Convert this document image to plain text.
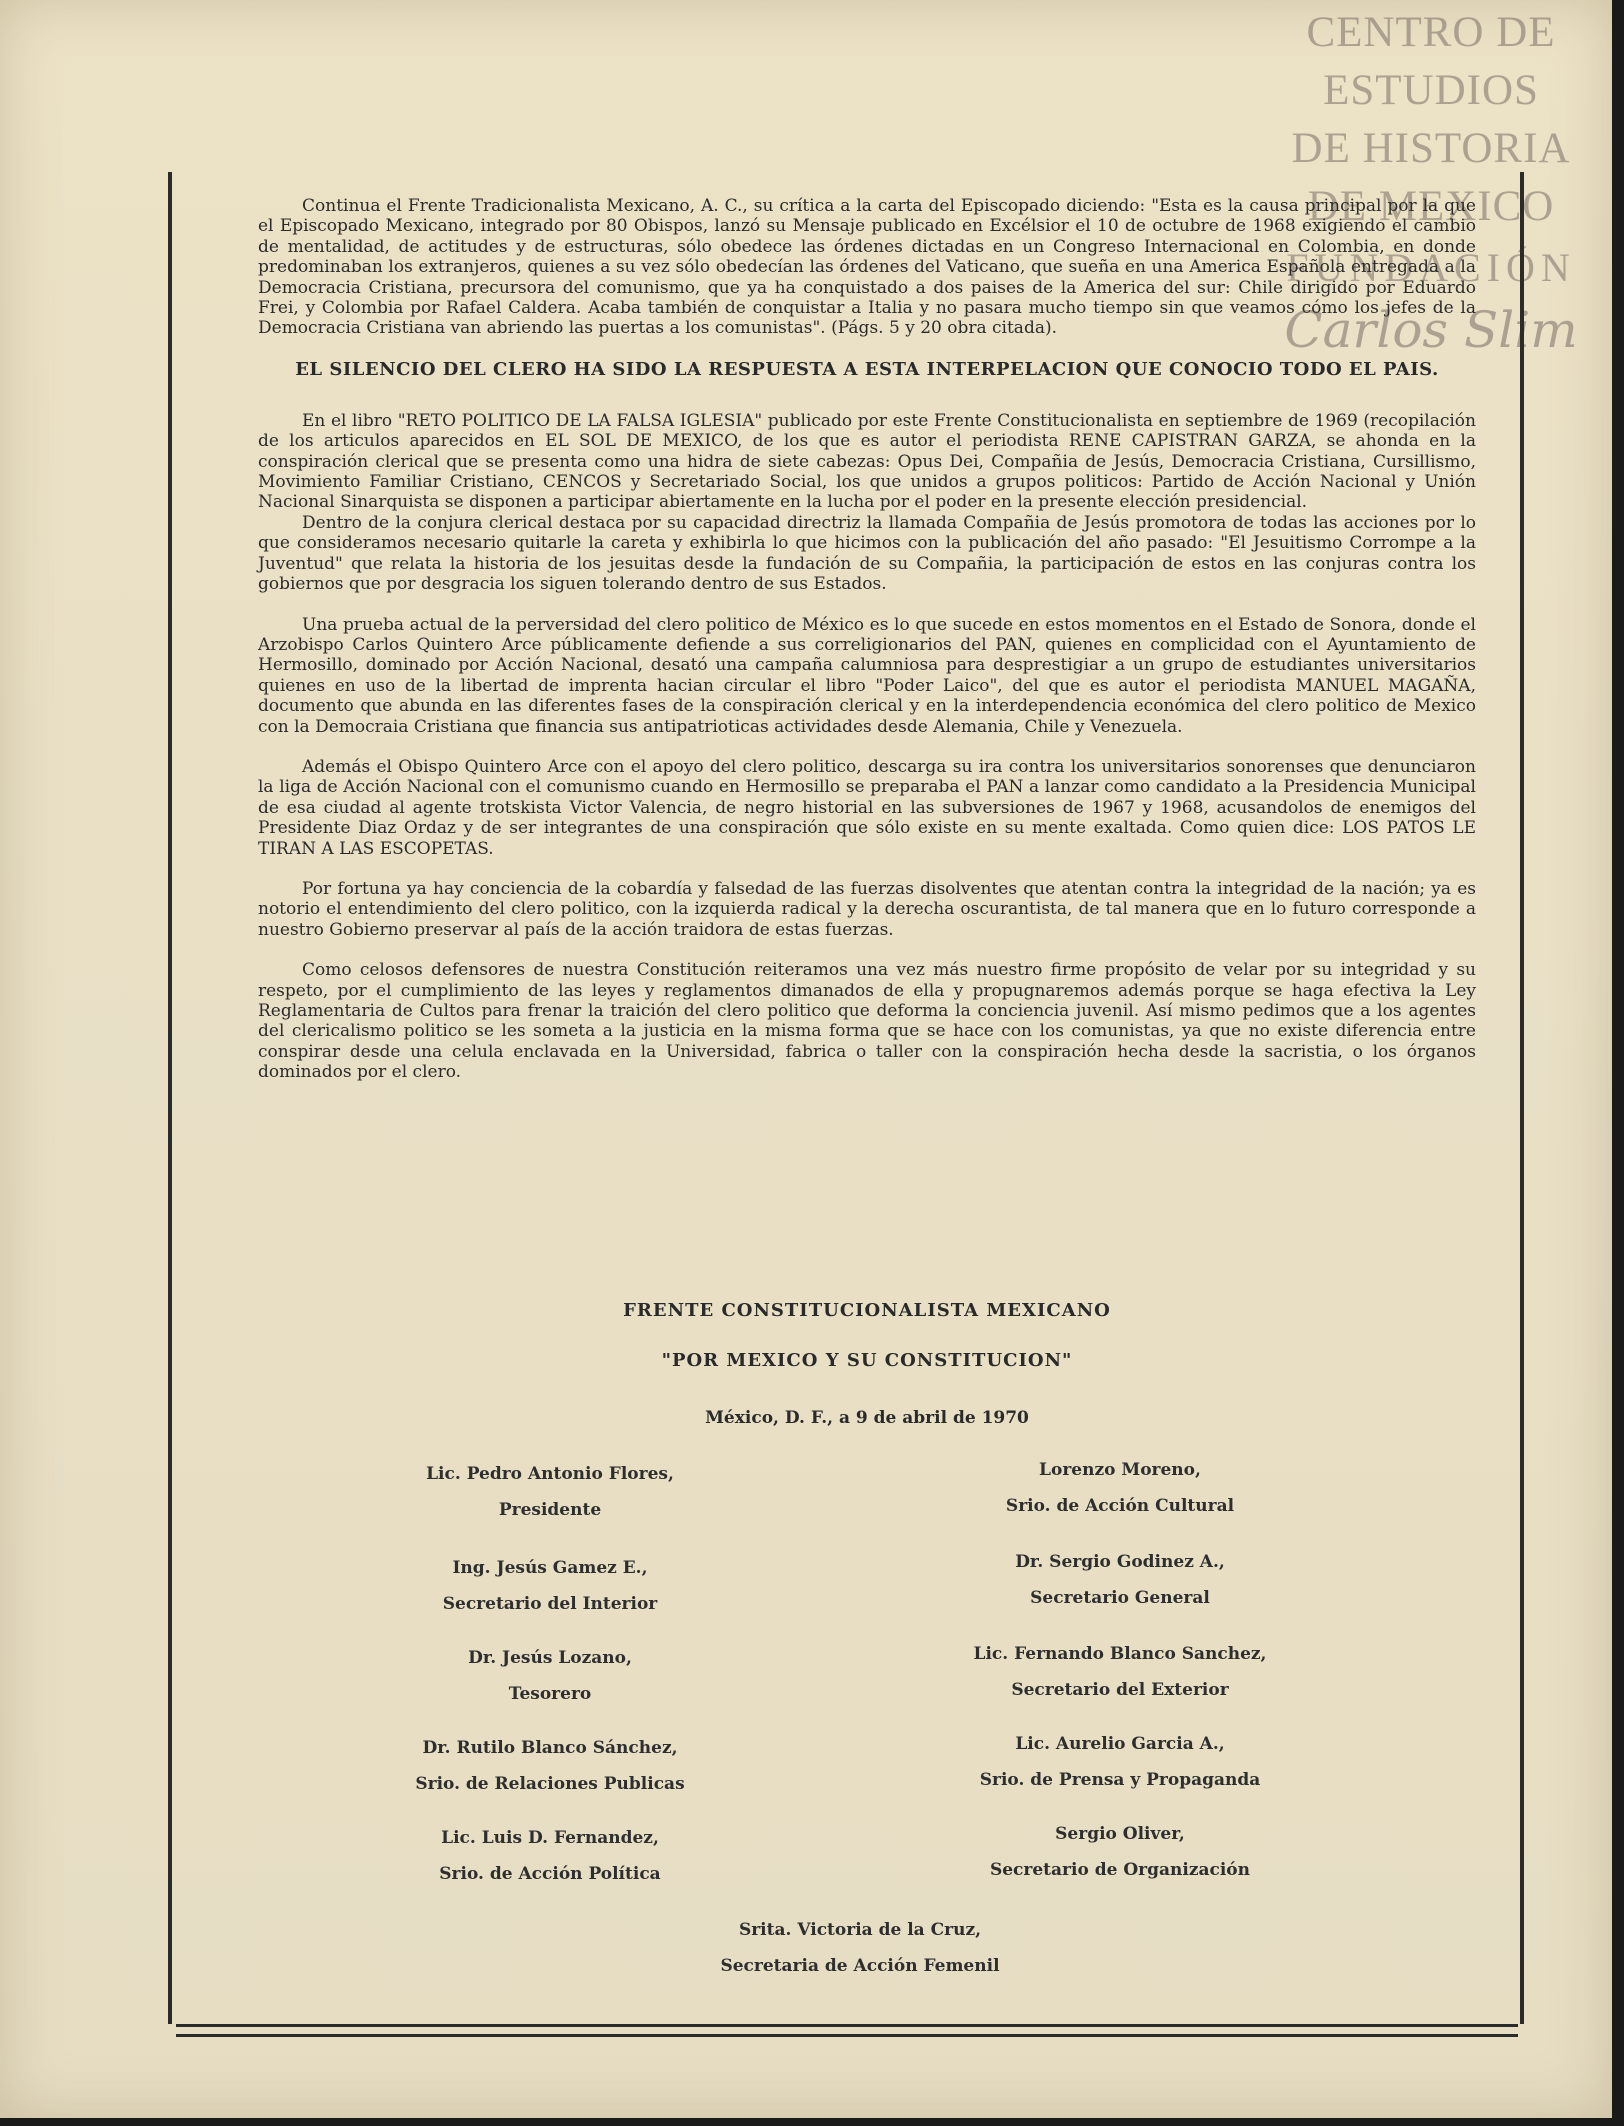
CENTRO DE
ESTUDIOS
DE HISTORIA
DE MEXICO
FUNDACIÓN
Carlos Slim

Continua el Frente Tradicionalista Mexicano, A. C., su crítica a la carta del Episcopado diciendo: "Esta es la causa principal por la que el Episcopado Mexicano, integrado por 80 Obispos, lanzó su Mensaje publicado en Excélsior el 10 de octubre de 1968 exigiendo el cambio de mentalidad, de actitudes y de estructuras, sólo obedece las órdenes dictadas en un Congreso Internacional en Colombia, en donde predominaban los extranjeros, quienes a su vez sólo obedecían las órdenes del Vaticano, que sueña en una America Española entregada a la Democracia Cristiana, precursora del comunismo, que ya ha conquistado a dos paises de la America del sur: Chile dirigido por Eduardo Frei, y Colombia por Rafael Caldera. Acaba también de conquistar a Italia y no pasara mucho tiempo sin que veamos cómo los jefes de la Democracia Cristiana van abriendo las puertas a los comunistas". (Págs. 5 y 20 obra citada).

EL SILENCIO DEL CLERO HA SIDO LA RESPUESTA A ESTA INTERPELACION QUE CONOCIO TODO EL PAIS.

En el libro "RETO POLITICO DE LA FALSA IGLESIA" publicado por este Frente Constitucionalista en septiembre de 1969 (recopilación de los articulos aparecidos en EL SOL DE MEXICO, de los que es autor el periodista RENE CAPISTRAN GARZA, se ahonda en la conspiración clerical que se presenta como una hidra de siete cabezas: Opus Dei, Compañia de Jesús, Democracia Cristiana, Cursillismo, Movimiento Familiar Cristiano, CENCOS y Secretariado Social, los que unidos a grupos politicos: Partido de Acción Nacional y Unión Nacional Sinarquista se disponen a participar abiertamente en la lucha por el poder en la presente elección presidencial.

Dentro de la conjura clerical destaca por su capacidad directriz la llamada Compañia de Jesús promotora de todas las acciones por lo que consideramos necesario quitarle la careta y exhibirla lo que hicimos con la publicación del año pasado: "El Jesuitismo Corrompe a la Juventud" que relata la historia de los jesuitas desde la fundación de su Compañia, la participación de estos en las conjuras contra los gobiernos que por desgracia los siguen tolerando dentro de sus Estados.

Una prueba actual de la perversidad del clero politico de México es lo que sucede en estos momentos en el Estado de Sonora, donde el Arzobispo Carlos Quintero Arce públicamente defiende a sus correligionarios del PAN, quienes en complicidad con el Ayuntamiento de Hermosillo, dominado por Acción Nacional, desató una campaña calumniosa para desprestigiar a un grupo de estudiantes universitarios quienes en uso de la libertad de imprenta hacian circular el libro "Poder Laico", del que es autor el periodista MANUEL MAGAÑA, documento que abunda en las diferentes fases de la conspiración clerical y en la interdependencia económica del clero politico de Mexico con la Democraia Cristiana que financia sus antipatrioticas actividades desde Alemania, Chile y Venezuela.

Además el Obispo Quintero Arce con el apoyo del clero politico, descarga su ira contra los universitarios sonorenses que denunciaron la liga de Acción Nacional con el comunismo cuando en Hermosillo se preparaba el PAN a lanzar como candidato a la Presidencia Municipal de esa ciudad al agente trotskista Victor Valencia, de negro historial en las subversiones de 1967 y 1968, acusandolos de enemigos del Presidente Diaz Ordaz y de ser integrantes de una conspiración que sólo existe en su mente exaltada. Como quien dice: LOS PATOS LE TIRAN A LAS ESCOPETAS.

Por fortuna ya hay conciencia de la cobardía y falsedad de las fuerzas disolventes que atentan contra la integridad de la nación; ya es notorio el entendimiento del clero politico, con la izquierda radical y la derecha oscurantista, de tal manera que en lo futuro corresponde a nuestro Gobierno preservar al país de la acción traidora de estas fuerzas.

Como celosos defensores de nuestra Constitución reiteramos una vez más nuestro firme propósito de velar por su integridad y su respeto, por el cumplimiento de las leyes y reglamentos dimanados de ella y propugnaremos además porque se haga efectiva la Ley Reglamentaria de Cultos para frenar la traición del clero politico que deforma la conciencia juvenil. Así mismo pedimos que a los agentes del clericalismo politico se les someta a la justicia en la misma forma que se hace con los comunistas, ya que no existe diferencia entre conspirar desde una celula enclavada en la Universidad, fabrica o taller con la conspiración hecha desde la sacristia, o los órganos dominados por el clero.

FRENTE CONSTITUCIONALISTA MEXICANO
"POR MEXICO Y SU CONSTITUCION"
México, D. F., a 9 de abril de 1970
Lic. Pedro Antonio Flores,
Presidente
Ing. Jesús Gamez E.,
Secretario del Interior
Dr. Jesús Lozano,
Tesorero
Dr. Rutilo Blanco Sánchez,
Srio. de Relaciones Publicas
Lic. Luis D. Fernandez,
Srio. de Acción Política
Lorenzo Moreno,
Srio. de Acción Cultural
Dr. Sergio Godinez A.,
Secretario General
Lic. Fernando Blanco Sanchez,
Secretario del Exterior
Lic. Aurelio Garcia A.,
Srio. de Prensa y Propaganda
Sergio Oliver,
Secretario de Organización
Srita. Victoria de la Cruz,
Secretaria de Acción Femenil
